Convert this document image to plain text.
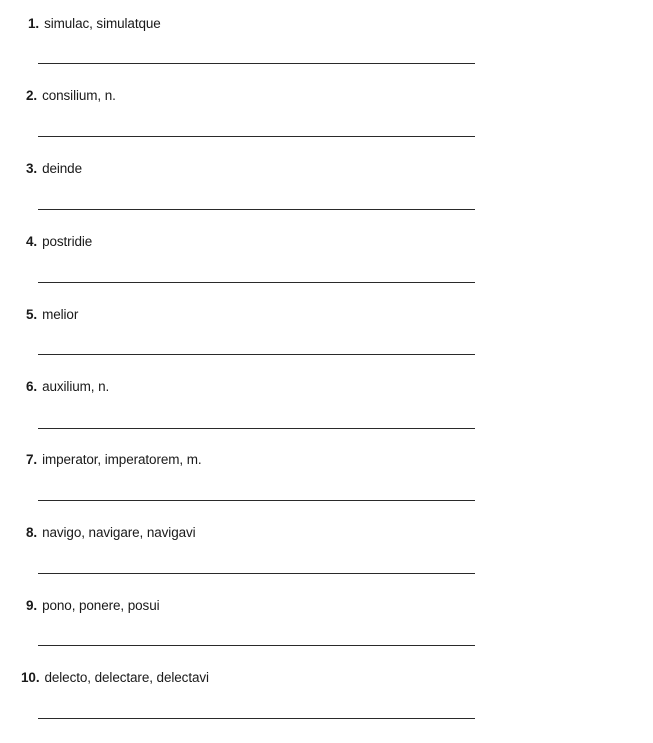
1. simulac, simulatque
2. consilium, n.
3. deinde
4. postridie
5. melior
6. auxilium, n.
7. imperator, imperatorem, m.
8. navigo, navigare, navigavi
9. pono, ponere, posui
10. delecto, delectare, delectavi
